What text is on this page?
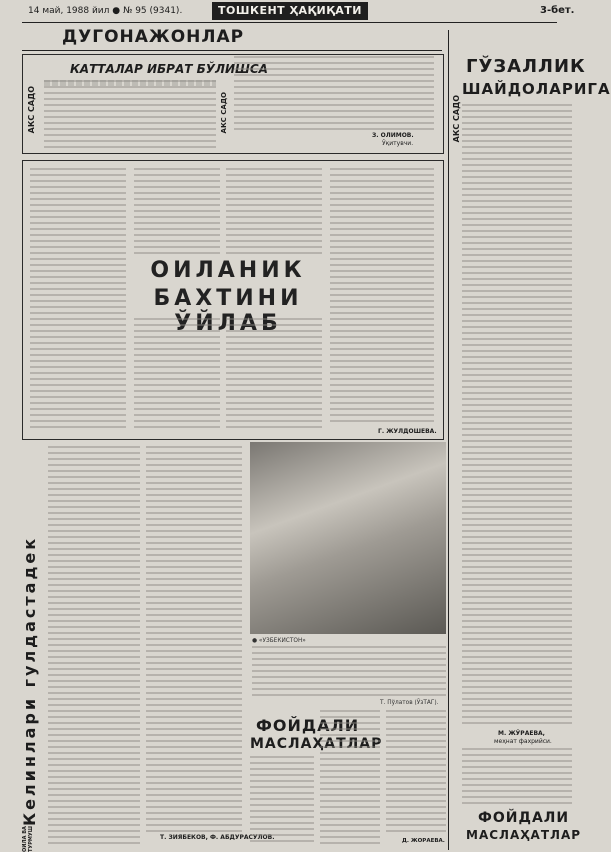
14 май, 1988 йил ● № 95 (9341).	ТОШКЕНТ ҲАҚИҚАТИ	3-бет.
ДУГОНАЖОНЛАР
АКС САДО
КАТТАЛАР ИБРАТ БЎЛИШСА
АКС САДО
З. ОЛИМОВ.
Ўқитувчи.
ОИЛАНИК
БАХТИНИ ЎЙЛАБ
Г. ЖУЛДОШЕВА.
АКС САДО
ГЎЗАЛЛИК
ШАЙДОЛАРИГА
М. ЖЎРАЕВА,
меҳнат фахрийси.
ФОЙДАЛИ
МАСЛАҲАТЛАР
Келинлари гулдастадек
ОИЛА ВА ТУРМУШ	Т. ЗИЯБЕКОВ, Ф. АБДУРАСУЛОВ.
● «УЗБЕКИСТОН»
Т. Пўлатов (ЎзТАГ).
ФОЙДАЛИ
МАСЛАҲАТЛАР
Д. ЖОРАЕВА.
